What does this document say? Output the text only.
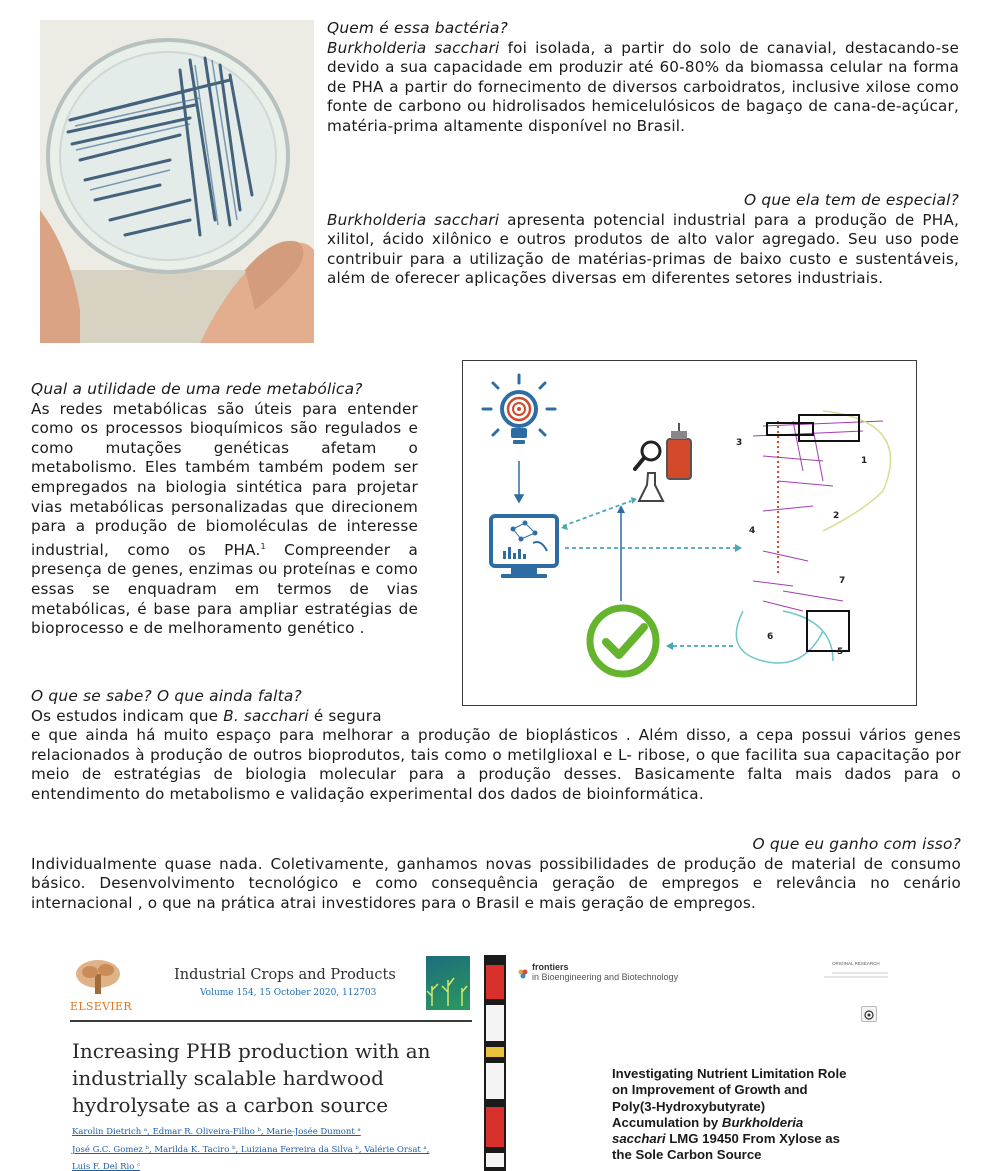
Quem é essa bactéria?

Burkholderia sacchari foi isolada, a partir do solo de canavial, destacando-se devido a sua capacidade em produzir até 60-80% da biomassa celular na forma de PHA a partir do fornecimento de diversos carboidratos, inclusive xilose como fonte de carbono ou hidrolisados hemicelulósicos de bagaço de cana-de-açúcar, matéria-prima altamente disponível no Brasil.

O que ela tem de especial?

Burkholderia sacchari apresenta potencial industrial para a produção de PHA, xilitol, ácido xilônico e outros produtos de alto valor agregado. Seu uso pode contribuir para a utilização de matérias-primas de baixo custo e sustentáveis, além de oferecer aplicações diversas em diferentes setores industriais.

Qual a utilidade de uma rede metabólica?

As redes metabólicas são úteis para entender como os processos bioquímicos são regulados e como mutações genéticas afetam o metabolismo. Eles também também podem ser empregados na biologia sintética para projetar vias metabólicas personalizadas que direcionem para a produção de biomoléculas de interesse industrial, como os PHA.$^1$ Compreender a presença de genes, enzimas ou proteínas e como essas se enquadram em termos de vias metabólicas, é base para ampliar estratégias de bioprocesso e de melhoramento genético .

3
1
2
4
7
6
5

O que se sabe? O que ainda falta?

Os estudos indicam que B. sacchari é segura

e que ainda há muito espaço para melhorar a produção de bioplásticos . Além disso, a cepa possui vários genes relacionados à produção de outros bioprodutos, tais como o metilglioxal e L- ribose, o que facilita sua capacitação por meio de estratégias de biologia molecular para a produção desses. Basicamente falta mais dados para o entendimento do metabolismo e validação experimental dos dados de bioinformática.

O que eu ganho com isso?

Individualmente quase nada. Coletivamente, ganhamos novas possibilidades de produção de material de consumo básico. Desenvolvimento tecnológico e como consequência geração de empregos e relevância no cenário internacional , o que na prática atrai investidores para o Brasil e mais geração de empregos.

ELSEVIER
Industrial Crops and Products
Volume 154, 15 October 2020, 112703
Increasing PHB production with an industrially scalable hardwood hydrolysate as a carbon source
Karolin Dietrich ᵃ, Edmar R. Oliveira-Filho ᵇ, Marie-Josée Dumont ᵃ
José G.C. Gomez ᵇ, Marilda K. Taciro ᵇ, Luiziana Ferreira da Silva ᵇ, Valérie Orsat ᵃ,
Luis F. Del Rio ᶜ
frontiers
in Bioengineering and Biotechnology
ORIGINAL RESEARCH
Investigating Nutrient Limitation Role
on Improvement of Growth and
Poly(3-Hydroxybutyrate)
Accumulation by Burkholderia
sacchari LMG 19450 From Xylose as
the Sole Carbon Source
